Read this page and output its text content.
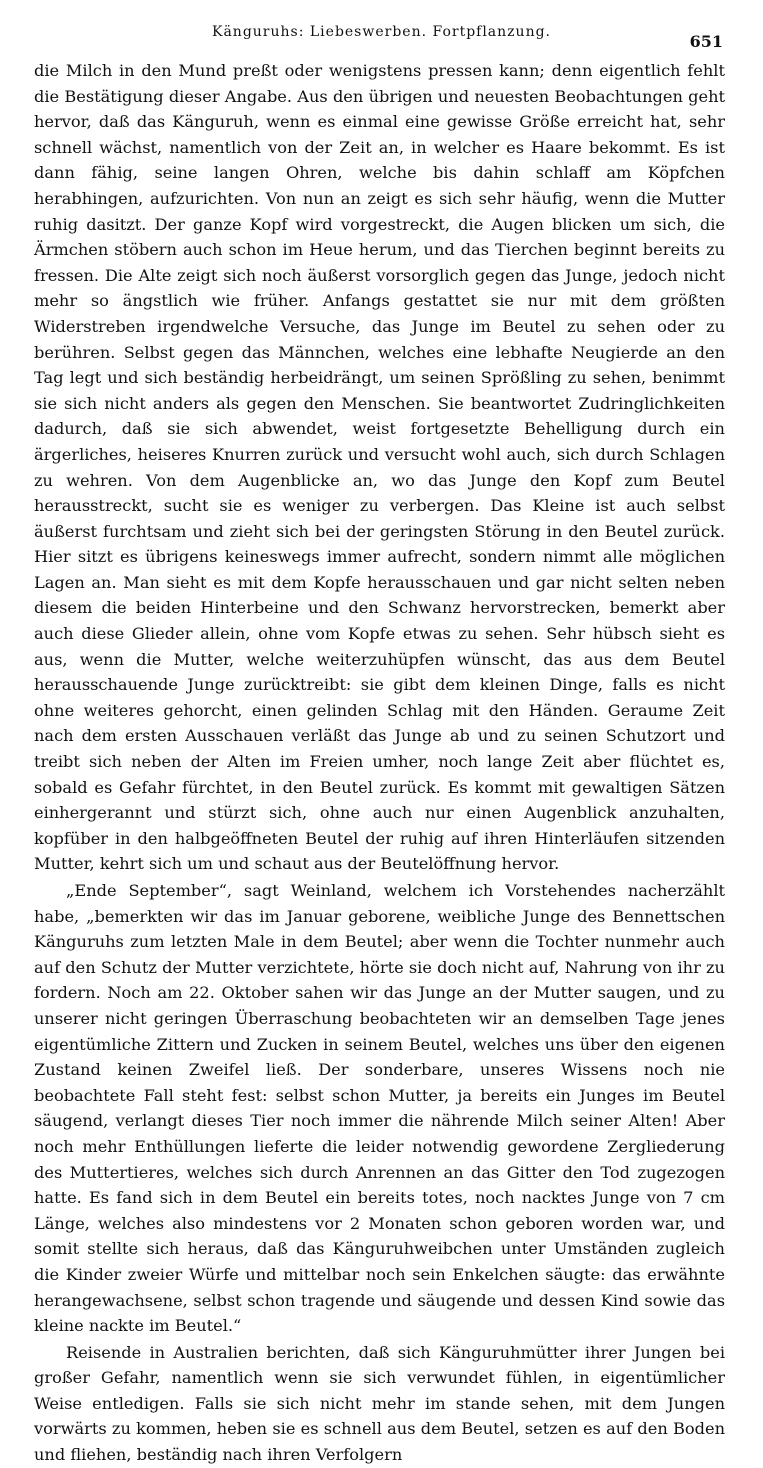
Känguruhs: Liebeswerben. Fortpflanzung.	651

die Milch in den Mund preßt oder wenigstens pressen kann; denn eigentlich fehlt die Bestätigung dieser Angabe. Aus den übrigen und neuesten Beobachtungen geht hervor, daß das Känguruh, wenn es einmal eine gewisse Größe erreicht hat, sehr schnell wächst, namentlich von der Zeit an, in welcher es Haare bekommt. Es ist dann fähig, seine langen Ohren, welche bis dahin schlaff am Köpfchen herabhingen, aufzurichten. Von nun an zeigt es sich sehr häufig, wenn die Mutter ruhig dasitzt. Der ganze Kopf wird vorgestreckt, die Augen blicken um sich, die Ärmchen stöbern auch schon im Heue herum, und das Tierchen beginnt bereits zu fressen. Die Alte zeigt sich noch äußerst vorsorglich gegen das Junge, jedoch nicht mehr so ängstlich wie früher. Anfangs gestattet sie nur mit dem größten Widerstreben irgendwelche Versuche, das Junge im Beutel zu sehen oder zu berühren. Selbst gegen das Männchen, welches eine lebhafte Neugierde an den Tag legt und sich beständig herbeidrängt, um seinen Sprößling zu sehen, benimmt sie sich nicht anders als gegen den Menschen. Sie beantwortet Zudringlichkeiten dadurch, daß sie sich abwendet, weist fortgesetzte Behelligung durch ein ärgerliches, heiseres Knurren zurück und versucht wohl auch, sich durch Schlagen zu wehren. Von dem Augenblicke an, wo das Junge den Kopf zum Beutel herausstreckt, sucht sie es weniger zu verbergen. Das Kleine ist auch selbst äußerst furchtsam und zieht sich bei der geringsten Störung in den Beutel zurück. Hier sitzt es übrigens keineswegs immer aufrecht, sondern nimmt alle möglichen Lagen an. Man sieht es mit dem Kopfe herausschauen und gar nicht selten neben diesem die beiden Hinterbeine und den Schwanz hervorstrecken, bemerkt aber auch diese Glieder allein, ohne vom Kopfe etwas zu sehen. Sehr hübsch sieht es aus, wenn die Mutter, welche weiterzuhüpfen wünscht, das aus dem Beutel herausschauende Junge zurücktreibt: sie gibt dem kleinen Dinge, falls es nicht ohne weiteres gehorcht, einen gelinden Schlag mit den Händen. Geraume Zeit nach dem ersten Ausschauen verläßt das Junge ab und zu seinen Schutzort und treibt sich neben der Alten im Freien umher, noch lange Zeit aber flüchtet es, sobald es Gefahr fürchtet, in den Beutel zurück. Es kommt mit gewaltigen Sätzen einhergerannt und stürzt sich, ohne auch nur einen Augenblick anzuhalten, kopfüber in den halbgeöffneten Beutel der ruhig auf ihren Hinterläufen sitzenden Mutter, kehrt sich um und schaut aus der Beutelöffnung hervor.

„Ende September“, sagt Weinland, welchem ich Vorstehendes nacherzählt habe, „bemerkten wir das im Januar geborene, weibliche Junge des Bennettschen Känguruhs zum letzten Male in dem Beutel; aber wenn die Tochter nunmehr auch auf den Schutz der Mutter verzichtete, hörte sie doch nicht auf, Nahrung von ihr zu fordern. Noch am 22. Oktober sahen wir das Junge an der Mutter saugen, und zu unserer nicht geringen Überraschung beobachteten wir an demselben Tage jenes eigentümliche Zittern und Zucken in seinem Beutel, welches uns über den eigenen Zustand keinen Zweifel ließ. Der sonderbare, unseres Wissens noch nie beobachtete Fall steht fest: selbst schon Mutter, ja bereits ein Junges im Beutel säugend, verlangt dieses Tier noch immer die nährende Milch seiner Alten! Aber noch mehr Enthüllungen lieferte die leider notwendig gewordene Zergliederung des Muttertieres, welches sich durch Anrennen an das Gitter den Tod zugezogen hatte. Es fand sich in dem Beutel ein bereits totes, noch nacktes Junge von 7 cm Länge, welches also mindestens vor 2 Monaten schon geboren worden war, und somit stellte sich heraus, daß das Känguruhweibchen unter Umständen zugleich die Kinder zweier Würfe und mittelbar noch sein Enkelchen säugte: das erwähnte herangewachsene, selbst schon tragende und säugende und dessen Kind sowie das kleine nackte im Beutel.“

Reisende in Australien berichten, daß sich Känguruhmütter ihrer Jungen bei großer Gefahr, namentlich wenn sie sich verwundet fühlen, in eigentümlicher Weise entledigen. Falls sie sich nicht mehr im stande sehen, mit dem Jungen vorwärts zu kommen, heben sie es schnell aus dem Beutel, setzen es auf den Boden und fliehen, beständig nach ihren Verfolgern
